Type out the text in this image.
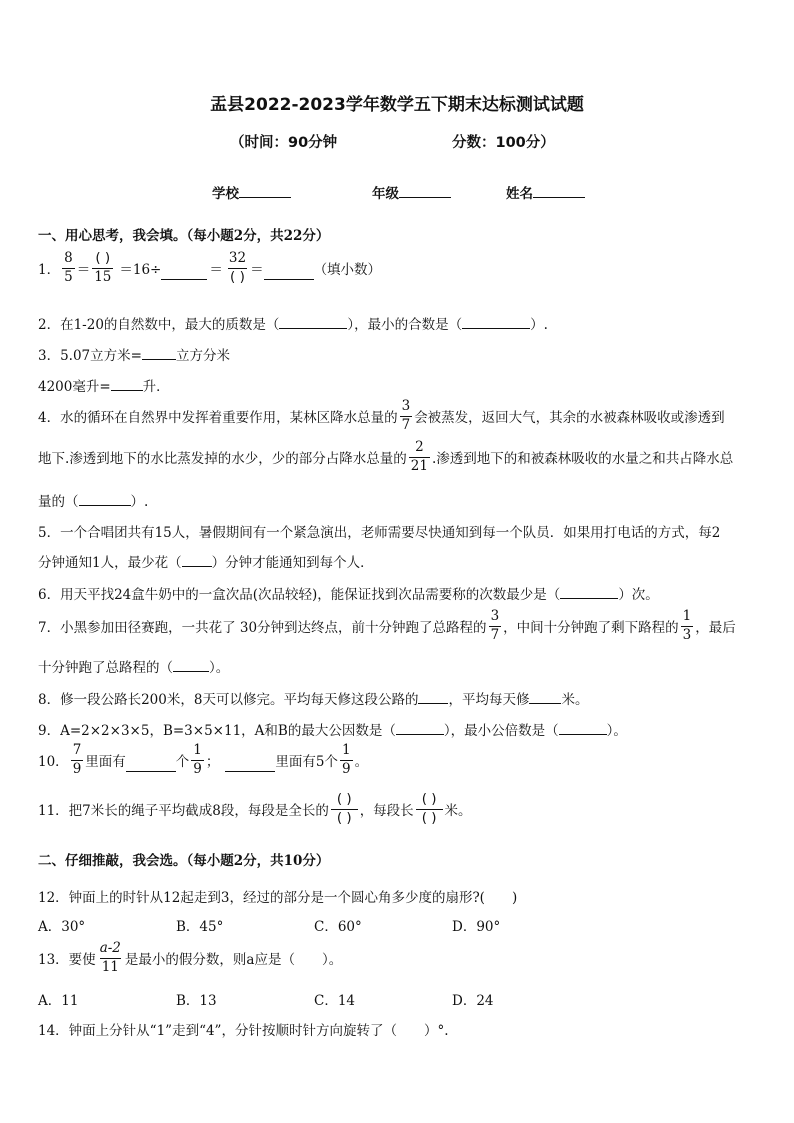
盂县2022-2023学年数学五下期末达标测试试题
（时间：90分钟	分数：100分）
学校	年级	姓名
一、用心思考，我会填。（每小题2分，共22分）
1． $\frac{8}{5} = \frac{( )}{15} =16\div$	＝ $\frac{32}{( )}$ ＝	（填小数）
2．在1-20的自然数中，最大的质数是（	），最小的合数是（	）.
3．5.07立方米=	立方分米
4200毫升= 升．
4．水的循环在自然界中发挥着重要作用，某林区降水总量的 $\frac{3}{7}$ 会被蒸发，返回大气，其余的水被森林吸收或渗透到
地下.渗透到地下的水比蒸发掉的水少，少的部分占降水总量的 $\frac{2}{21}$ .渗透到地下的和被森林吸收的水量之和共占降水总
量的（	）.
5．一个合唱团共有15人，暑假期间有一个紧急演出，老师需要尽快通知到每一个队员．如果用打电话的方式，每2
分钟通知1人，最少花（ ）分钟才能通知到每个人．
6．用天平找24盒牛奶中的一盒次品(次品较轻)，能保证找到次品需要称的次数最少是（	）次。
7．小黑参加田径赛跑，一共花了 30分钟到达终点，前十分钟跑了总路程的 $\frac{3}{7}$ ，中间十分钟跑了剩下路程的 $\frac{1}{3}$ ，最后
十分钟跑了总路程的（	）。
8．修一段公路长200米，8天可以修完。平均每天修这段公路的 ，平均每天修 米。
9．A=2×2×3×5，B=3×5×11，A和B的最大公因数是（	），最小公倍数是（	）。
10． $\frac{7}{9}$ 里面有	个 $\frac{1}{9}$ ；	里面有5个 $\frac{1}{9}$ 。
11．把7米长的绳子平均截成8段，每段是全长的 $\frac{( )}{( )}$ ，每段长 $\frac{( )}{( )}$ 米。
二、仔细推敲，我会选。（每小题2分，共10分）
12．钟面上的时针从12起走到3，经过的部分是一个圆心角多少度的扇形?(　　)
A．30°	B．45°	C．60°	D．90°
13．要使 $\frac{a-2}{11}$ 是最小的假分数，则a应是（　　）。
A．11	B．13	C．14	D．24
14．钟面上分针从“1”走到“4”，分针按顺时针方向旋转了（　　）°.
